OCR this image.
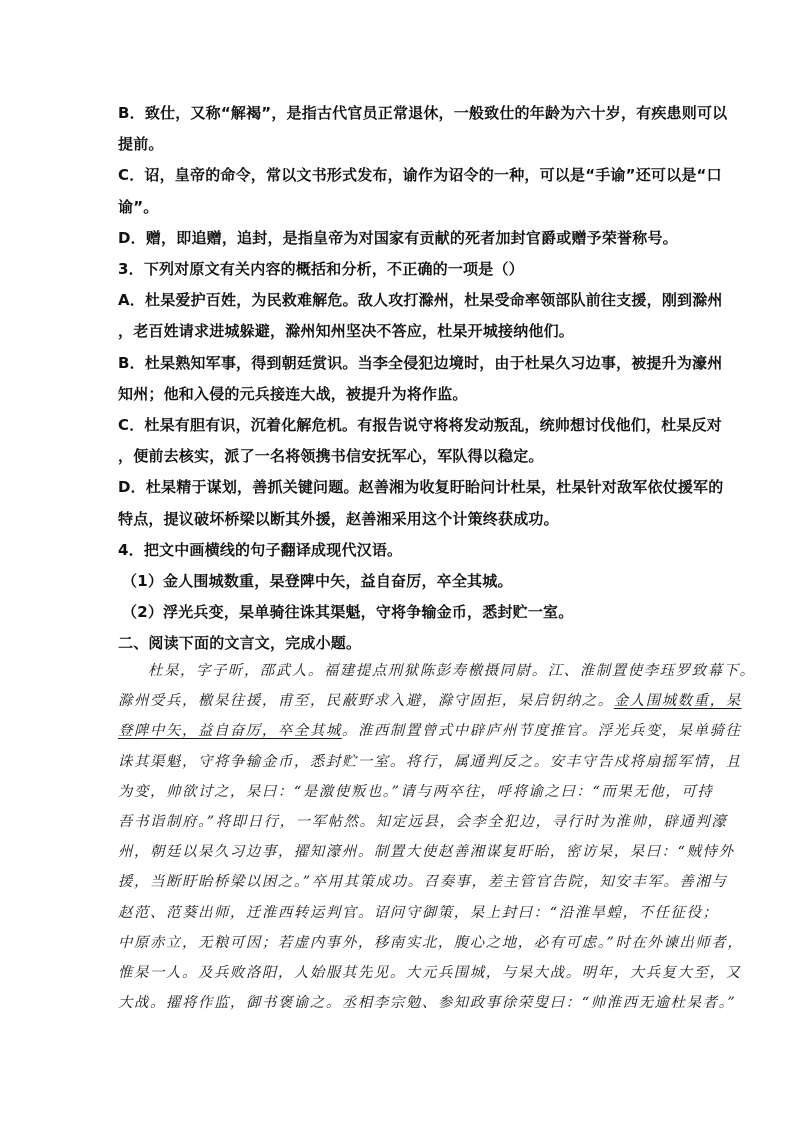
B．致仕，又称“解褐”，是指古代官员正常退休，一般致仕的年龄为六十岁，有疾患则可以

提前。

C．诏，皇帝的命令，常以文书形式发布，谕作为诏令的一种，可以是“手谕”还可以是“口

谕”。

D．赠，即追赠，追封，是指皇帝为对国家有贡献的死者加封官爵或赠予荣誉称号。

3．下列对原文有关内容的概括和分析，不正确的一项是（）

A．杜杲爱护百姓，为民救难解危。敌人攻打滁州，杜杲受命率领部队前往支援，刚到滁州

，老百姓请求进城躲避，滁州知州坚决不答应，杜杲开城接纳他们。

B．杜杲熟知军事，得到朝廷赏识。当李全侵犯边境时，由于杜杲久习边事，被提升为濠州

知州；他和入侵的元兵接连大战，被提升为将作监。

C．杜杲有胆有识，沉着化解危机。有报告说守将将发动叛乱，统帅想讨伐他们，杜杲反对

，便前去核实，派了一名将领携书信安抚军心，军队得以稳定。

D．杜杲精于谋划，善抓关键问题。赵善湘为收复盱眙问计杜杲，杜杲针对敌军依仗援军的

特点，提议破坏桥梁以断其外援，赵善湘采用这个计策终获成功。

4．把文中画横线的句子翻译成现代汉语。

（1）金人围城数重，杲登陴中矢，益自奋厉，卒全其城。

（2）浮光兵变，杲单骑往诛其渠魁，守将争输金币，悉封贮一室。

二、阅读下面的文言文，完成小题。

杜杲，字子昕，邵武人。福建提点刑狱陈彭寿檄摄同尉。江、淮制置使李珏罗致幕下。

滁州受兵，檄杲往援，甫至，民蔽野求入避，滁守固拒，杲启钥纳之。金人围城数重，杲

登陴中矢，益自奋厉，卒全其城。淮西制置曾式中辟庐州节度推官。浮光兵变，杲单骑往

诛其渠魁，守将争输金币，悉封贮一室。将行，属通判反之。安丰守告戍将扇摇军情，且

为变，帅欲讨之，杲曰：“是激使叛也。”请与两卒往，呼将谕之曰：“而果无他，可持

吾书诣制府。”将即日行，一军帖然。知定远县，会李全犯边，寻行时为淮帅，辟通判濠

州，朝廷以杲久习边事，擢知濠州。制置大使赵善湘谋复盱眙，密访杲，杲曰：“贼恃外

援，当断盱眙桥梁以困之。”卒用其策成功。召奏事，差主管官告院，知安丰军。善湘与

赵范、范葵出师，迁淮西转运判官。诏问守御策，杲上封曰：“沿淮旱蝗，不任征役；

中原赤立，无粮可因；若虚内事外，移南实北，腹心之地，必有可虑。”时在外谏出师者，

惟杲一人。及兵败洛阳，人始服其先见。大元兵围城，与杲大战。明年，大兵复大至，又

大战。擢将作监，御书褒谕之。丞相李宗勉、参知政事徐荣叟曰：“帅淮西无逾杜杲者。”
